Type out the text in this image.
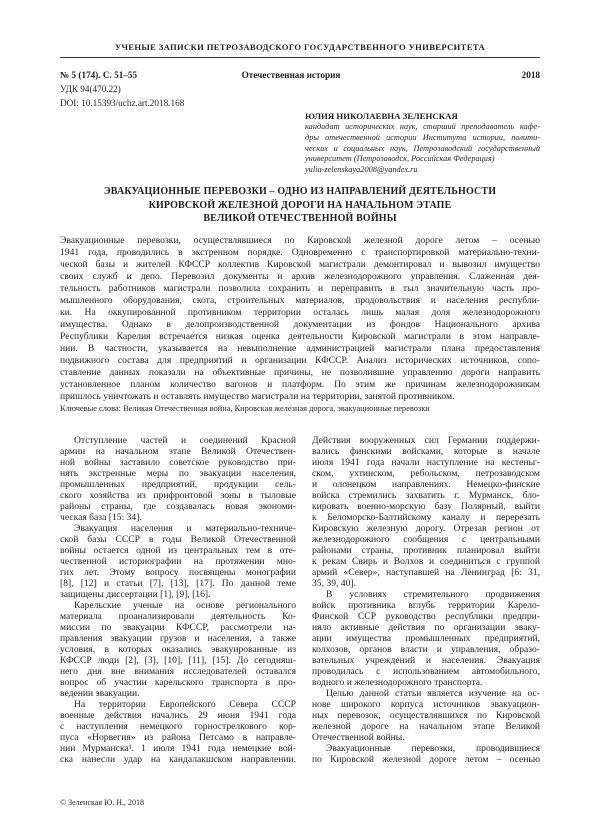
УЧЕНЫЕ ЗАПИСКИ ПЕТРОЗАВОДСКОГО ГОСУДАРСТВЕННОГО УНИВЕРСИТЕТА
№ 5 (174). С. 51–55	Отечественная история	2018
УДК 94(470.22)
DOI: 10.15393/uchz.art.2018.168
ЮЛИЯ НИКОЛАЕВНА ЗЕЛЕНСКАЯ
кандидат исторических наук, старший преподаватель кафе-
дры отечественной истории Института истории, полити-
ческих и социальных наук, Петрозаводский государственный
университет (Петрозаводск, Российская Федерация)
yulia-zelenskaya2008@yandex.ru
ЭВАКУАЦИОННЫЕ ПЕРЕВОЗКИ – ОДНО ИЗ НАПРАВЛЕНИЙ ДЕЯТЕЛЬНОСТИ
КИРОВСКОЙ ЖЕЛЕЗНОЙ ДОРОГИ НА НАЧАЛЬНОМ ЭТАПЕ
ВЕЛИКОЙ ОТЕЧЕСТВЕННОЙ ВОЙНЫ
Эвакуационные перевозки, осуществлявшиеся по Кировской железной дороге летом – осенью
1941 года, проводились в экстренном порядке. Одновременно с транспортировкой материально-техни-
ческой базы и жителей КФССР коллектив Кировской магистрали демонтировал и вывозил имущество
своих служб и депо. Перевозил документы и архив железнодорожного управления. Слаженная дея-
тельность работников магистрали позволила сохранить и переправить в тыл значительную часть про-
мышленного оборудования, скота, строительных материалов, продовольствия и населения республи-
ки. На оккупированной противником территории осталась лишь малая доля железнодорожного
имущества. Однако в делопроизводственной документации из фондов Национального архива
Республики Карелия встречается низкая оценка деятельности Кировской магистрали в этом направле-
нии. В частности, указывается на невыполнение администрацией магистрали плана предоставления
подвижного состава для предприятий и организации КФССР. Анализ исторических источников, сопо-
ставление данных показали на объективные причины, не позволившие управлению дороги направить
установленное планом количество вагонов и платформ. По этим же причинам железнодорожникам
пришлось уничтожать и оставлять имущество магистрали на территории, занятой противником.
Ключевые слова: Великая Отечественная война, Кировская железная дорога, эвакуационные перевозки
Отступление частей и соединений Красной
армии на начальном этапе Великой Отечествен-
ной войны заставило советское руководство при-
нять экстренные меры по эвакуации населения,
промышленных предприятий, продукции сель-
ского хозяйства из прифронтовой зоны в тыловые
районы страны, где создавалась новая экономи-
ческая база [15: 34].
Эвакуация населения и материально-техниче-
ской базы СССР в годы Великой Отечественной
войны остается одной из центральных тем в оте-
чественной историографии на протяжении мно-
гих лет. Этому вопросу посвящены монографии
[8], [12] и статьи [7], [13], [17]. По данной теме
защищены диссертации [1], [9], [16].
Карельские ученые на основе регионального
материала проанализировали деятельность Ко-
миссии по эвакуации КФССР, рассмотрели на-
правления эвакуации грузов и населения, а также
условия, в которых оказались эвакуированные из
КФССР люди [2], [3], [10], [11], [15]. До сегодняш-
него дня вне внимания исследователей оставался
вопрос об участии карельского транспорта в про-
ведении эвакуации.
На территории Европейского Севера СССР
военные действия начались 29 июня 1941 года
с наступления немецкого горнострелкового кор-
пуса «Норвегия» из района Петсамо в направле-
нии Мурманска¹. 1 июля 1941 года немецкие вой-
ска нанесли удар на кандалакшском направлении.
Действия вооруженных сил Германии поддержи-
вались финскими войсками, которые в начале
июля 1941 года начали наступление на кестеньг-
ском, ухтинском, ребольском, петрозаводском
и олонецком направлениях. Немецко-финские
войска стремились захватить г. Мурманск, бло-
кировать военно-морскую базу Полярный, выйти
к Беломорско-Балтийскому каналу и перерезать
Кировскую железную дорогу. Отрезав регион от
железнодорожного сообщения с центральными
районами страны, противник планировал выйти
к рекам Свирь и Волхов и соединиться с группой
армий «Север», наступавшей на Ленинград [6: 31,
35, 39, 40].
В условиях стремительного продвижения
войск противника вглубь территории Карело-
Финской ССР руководство республики предпри-
няло активные действия по организации эваку-
ации имущества промышленных предприятий,
колхозов, органов власти и управления, образо-
вательных учреждений и населения. Эвакуация
проводилась с использованием автомобильного,
водного и железнодорожного транспорта.
Целью данной статьи является изучение на ос-
нове широкого корпуса источников эвакуацион-
ных перевозок, осуществлявшихся по Кировской
железной дороге на начальном этапе Великой
Отечественной войны.
Эвакуационные перевозки, проводившиеся
по Кировской железной дороге летом – осенью
© Зеленская Ю. Н., 2018
